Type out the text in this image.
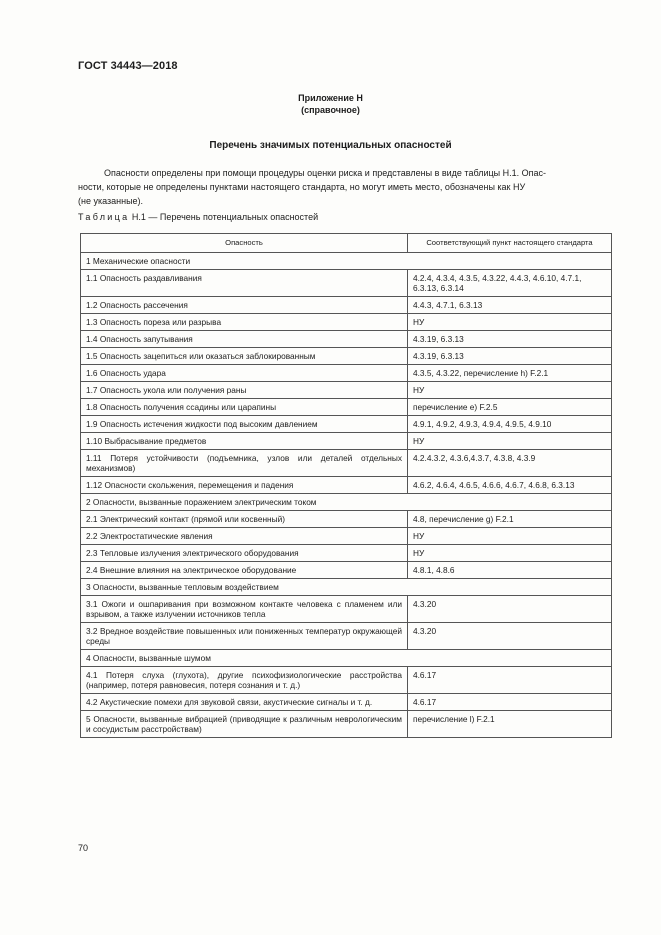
ГОСТ 34443—2018
Приложение Н
(справочное)
Перечень значимых потенциальных опасностей
Опасности определены при помощи процедуры оценки риска и представлены в виде таблицы Н.1. Опас-
ности, которые не определены пунктами настоящего стандарта, но могут иметь место, обозначены как НУ
(не указанные).
Таблица Н.1 — Перечень потенциальных опасностей
Опасность	Соответствующий пункт настоящего стандарта
1 Механические опасности	
1.1 Опасность раздавливания	4.2.4, 4.3.4, 4.3.5, 4.3.22, 4.4.3, 4.6.10, 4.7.1, 6.3.13, 6.3.14
1.2 Опасность рассечения	4.4.3, 4.7.1, 6.3.13
1.3 Опасность пореза или разрыва	НУ
1.4 Опасность запутывания	4.3.19, 6.3.13
1.5 Опасность зацепиться или оказаться заблокированным	4.3.19, 6.3.13
1.6 Опасность удара	4.3.5, 4.3.22, перечисление h) F.2.1
1.7 Опасность укола или получения раны	НУ
1.8 Опасность получения ссадины или царапины	перечисление e) F.2.5
1.9 Опасность истечения жидкости под высоким давлением	4.9.1, 4.9.2, 4.9.3, 4.9.4, 4.9.5, 4.9.10
1.10 Выбрасывание предметов	НУ
1.11 Потеря устойчивости (подъемника, узлов или деталей отдельных механизмов)	4.2.4.3.2, 4.3.6,4.3.7, 4.3.8, 4.3.9
1.12 Опасности скольжения, перемещения и падения	4.6.2, 4.6.4, 4.6.5, 4.6.6, 4.6.7, 4.6.8, 6.3.13
2 Опасности, вызванные поражением электрическим током	
2.1 Электрический контакт (прямой или косвенный)	4.8, перечисление g) F.2.1
2.2 Электростатические явления	НУ
2.3 Тепловые излучения электрического оборудования	НУ
2.4 Внешние влияния на электрическое оборудование	4.8.1, 4.8.6
3 Опасности, вызванные тепловым воздействием	
3.1 Ожоги и ошпаривания при возможном контакте человека с пламенем или взрывом, а также излучении источников тепла	4.3.20
3.2 Вредное воздействие повышенных или пониженных температур окружающей среды	4.3.20
4 Опасности, вызванные шумом	
4.1 Потеря слуха (глухота), другие психофизиологические расстройства (например, потеря равновесия, потеря сознания и т. д.)	4.6.17
4.2 Акустические помехи для звуковой связи, акустические сигналы и т. д.	4.6.17
5 Опасности, вызванные вибрацией (приводящие к различным неврологическим и сосудистым расстройствам)	перечисление l) F.2.1
70
